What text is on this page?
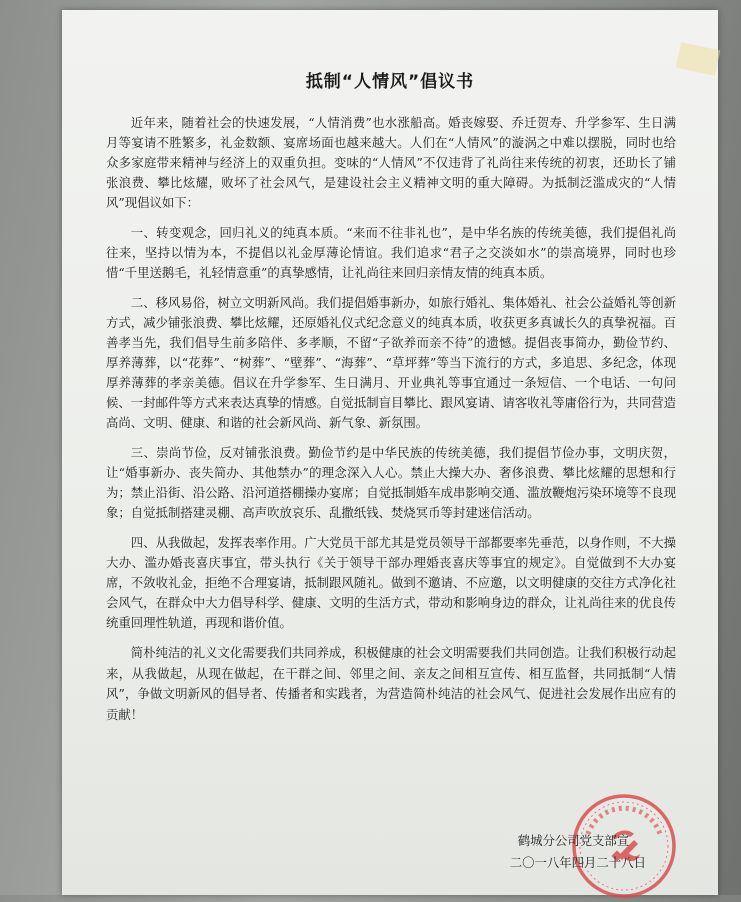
抵制“人情风”倡议书

近年来，随着社会的快速发展，“人情消费”也水涨船高。婚丧嫁娶、乔迁贺寿、升学参军、生日满月等宴请不胜繁多，礼金数额、宴席场面也越来越大。人们在“人情风”的漩涡之中难以摆脱，同时也给众多家庭带来精神与经济上的双重负担。变味的“人情风”不仅违背了礼尚往来传统的初衷，还助长了铺张浪费、攀比炫耀，败坏了社会风气，是建设社会主义精神文明的重大障碍。为抵制泛滥成灾的“人情风”现倡议如下：

一、转变观念，回归礼义的纯真本质。“来而不往非礼也”，是中华名族的传统美德，我们提倡礼尚往来，坚持以情为本，不提倡以礼金厚薄论情谊。我们追求“君子之交淡如水”的崇高境界，同时也珍惜“千里送鹅毛，礼轻情意重”的真挚感情，让礼尚往来回归亲情友情的纯真本质。

二、移风易俗，树立文明新风尚。我们提倡婚事新办，如旅行婚礼、集体婚礼、社会公益婚礼等创新方式，减少铺张浪费、攀比炫耀，还原婚礼仪式纪念意义的纯真本质，收获更多真诚长久的真挚祝福。百善孝当先，我们倡导生前多陪伴、多孝顺，不留“子欲养而亲不待”的遗憾。提倡丧事简办，勤俭节约、厚养薄葬，以“花葬”、“树葬”、“壁葬”、“海葬”、“草坪葬”等当下流行的方式，多追思、多纪念，体现厚养薄葬的孝亲美德。倡议在升学参军、生日满月、开业典礼等事宜通过一条短信、一个电话、一句问候、一封邮件等方式来表达真挚的情感。自觉抵制盲目攀比、跟风宴请、请客收礼等庸俗行为，共同营造高尚、文明、健康、和谐的社会新风尚、新气象、新氛围。

三、崇尚节俭，反对铺张浪费。勤俭节约是中华民族的传统美德，我们提倡节俭办事，文明庆贺，让“婚事新办、丧失简办、其他禁办”的理念深入人心。禁止大操大办、奢侈浪费、攀比炫耀的思想和行为；禁止沿街、沿公路、沿河道搭棚操办宴席；自觉抵制婚车成串影响交通、滥放鞭炮污染环境等不良现象；自觉抵制搭建灵棚、高声吹放哀乐、乱撒纸钱、焚烧冥币等封建迷信活动。

四、从我做起，发挥表率作用。广大党员干部尤其是党员领导干部都要率先垂范，以身作则，不大操大办、滥办婚丧喜庆事宜，带头执行《关于领导干部办理婚丧喜庆等事宜的规定》。自觉做到不大办宴席，不敛收礼金，拒绝不合理宴请，抵制跟风随礼。做到不邀请、不应邀，以文明健康的交往方式净化社会风气，在群众中大力倡导科学、健康、文明的生活方式，带动和影响身边的群众，让礼尚往来的优良传统重回理性轨道，再现和谐价值。

简朴纯洁的礼义文化需要我们共同养成，积极健康的社会文明需要我们共同创造。让我们积极行动起来，从我做起，从现在做起，在干群之间、邻里之间、亲友之间相互宣传、相互监督，共同抵制“人情风”，争做文明新风的倡导者、传播者和实践者，为营造简朴纯洁的社会风气、促进社会发展作出应有的贡献！

鹤城分公司党支部宣
二〇一八年四月二十八日
